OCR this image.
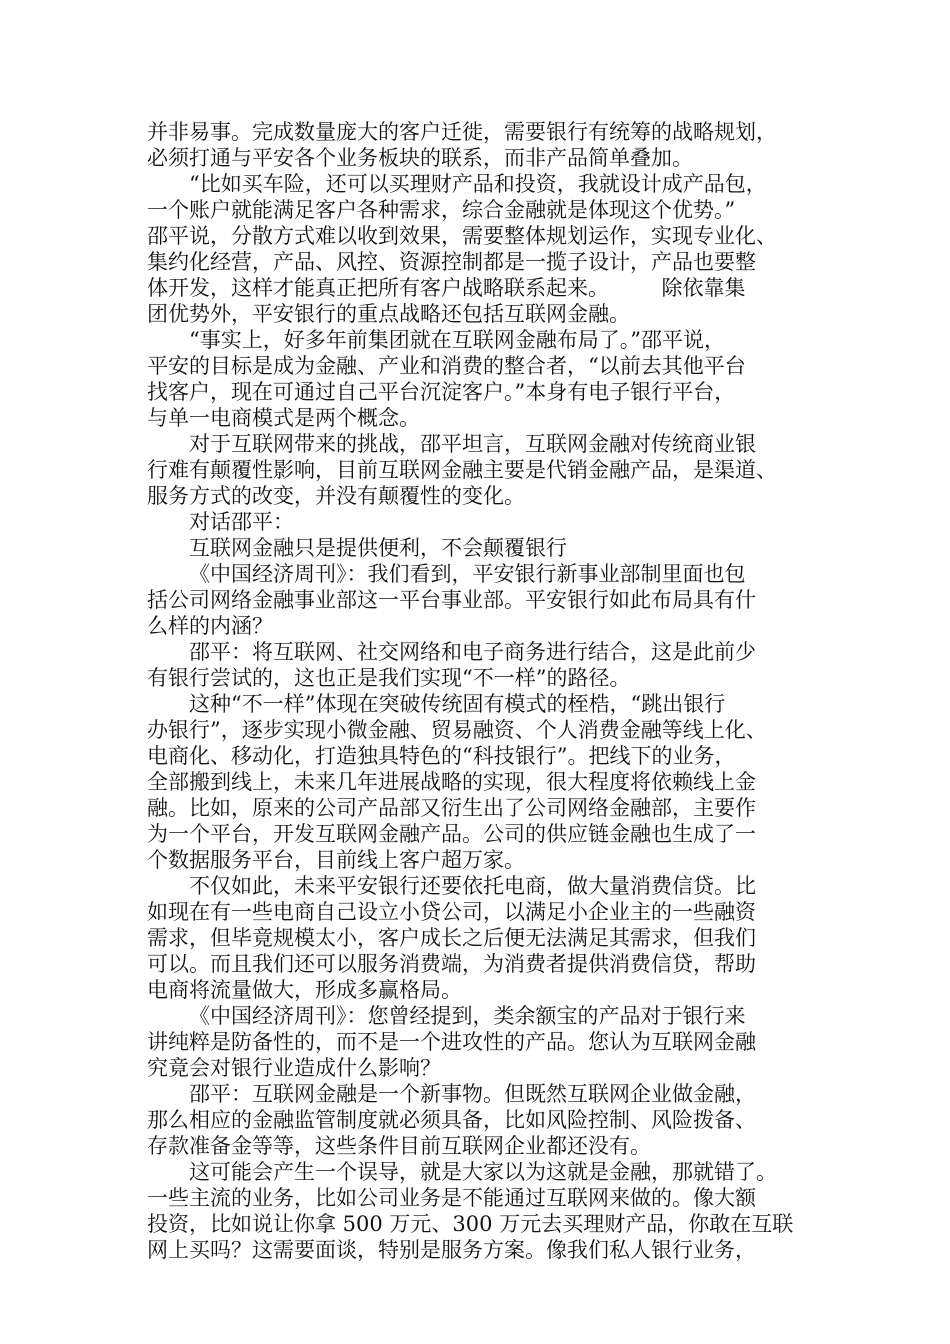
并非易事。完成数量庞大的客户迁徙，需要银行有统筹的战略规划，
必须打通与平安各个业务板块的联系，而非产品简单叠加。
“比如买车险，还可以买理财产品和投资，我就设计成产品包，
一个账户就能满足客户各种需求，综合金融就是体现这个优势。”
邵平说，分散方式难以收到效果，需要整体规划运作，实现专业化、
集约化经营，产品、风控、资源控制都是一揽子设计，产品也要整
体开发，这样才能真正把所有客户战略联系起来。　　　除依靠集
团优势外，平安银行的重点战略还包括互联网金融。
“事实上，好多年前集团就在互联网金融布局了。”邵平说，
平安的目标是成为金融、产业和消费的整合者，“以前去其他平台
找客户，现在可通过自己平台沉淀客户。”本身有电子银行平台，
与单一电商模式是两个概念。
对于互联网带来的挑战，邵平坦言，互联网金融对传统商业银
行难有颠覆性影响，目前互联网金融主要是代销金融产品，是渠道、
服务方式的改变，并没有颠覆性的变化。
对话邵平：
互联网金融只是提供便利，不会颠覆银行
《中国经济周刊》：我们看到，平安银行新事业部制里面也包
括公司网络金融事业部这一平台事业部。平安银行如此布局具有什
么样的内涵？
邵平：将互联网、社交网络和电子商务进行结合，这是此前少
有银行尝试的，这也正是我们实现“不一样”的路径。
这种“不一样”体现在突破传统固有模式的桎梏，“跳出银行
办银行”，逐步实现小微金融、贸易融资、个人消费金融等线上化、
电商化、移动化，打造独具特色的“科技银行”。把线下的业务，
全部搬到线上，未来几年进展战略的实现，很大程度将依赖线上金
融。比如，原来的公司产品部又衍生出了公司网络金融部，主要作
为一个平台，开发互联网金融产品。公司的供应链金融也生成了一
个数据服务平台，目前线上客户超万家。
不仅如此，未来平安银行还要依托电商，做大量消费信贷。比
如现在有一些电商自己设立小贷公司，以满足小企业主的一些融资
需求，但毕竟规模太小，客户成长之后便无法满足其需求，但我们
可以。而且我们还可以服务消费端，为消费者提供消费信贷，帮助
电商将流量做大，形成多赢格局。
《中国经济周刊》：您曾经提到，类余额宝的产品对于银行来
讲纯粹是防备性的，而不是一个进攻性的产品。您认为互联网金融
究竟会对银行业造成什么影响？
邵平：互联网金融是一个新事物。但既然互联网企业做金融，
那么相应的金融监管制度就必须具备，比如风险控制、风险拨备、
存款准备金等等，这些条件目前互联网企业都还没有。
这可能会产生一个误导，就是大家以为这就是金融，那就错了。
一些主流的业务，比如公司业务是不能通过互联网来做的。像大额
投资，比如说让你拿 500 万元、300 万元去买理财产品，你敢在互联
网上买吗？这需要面谈，特别是服务方案。像我们私人银行业务，
